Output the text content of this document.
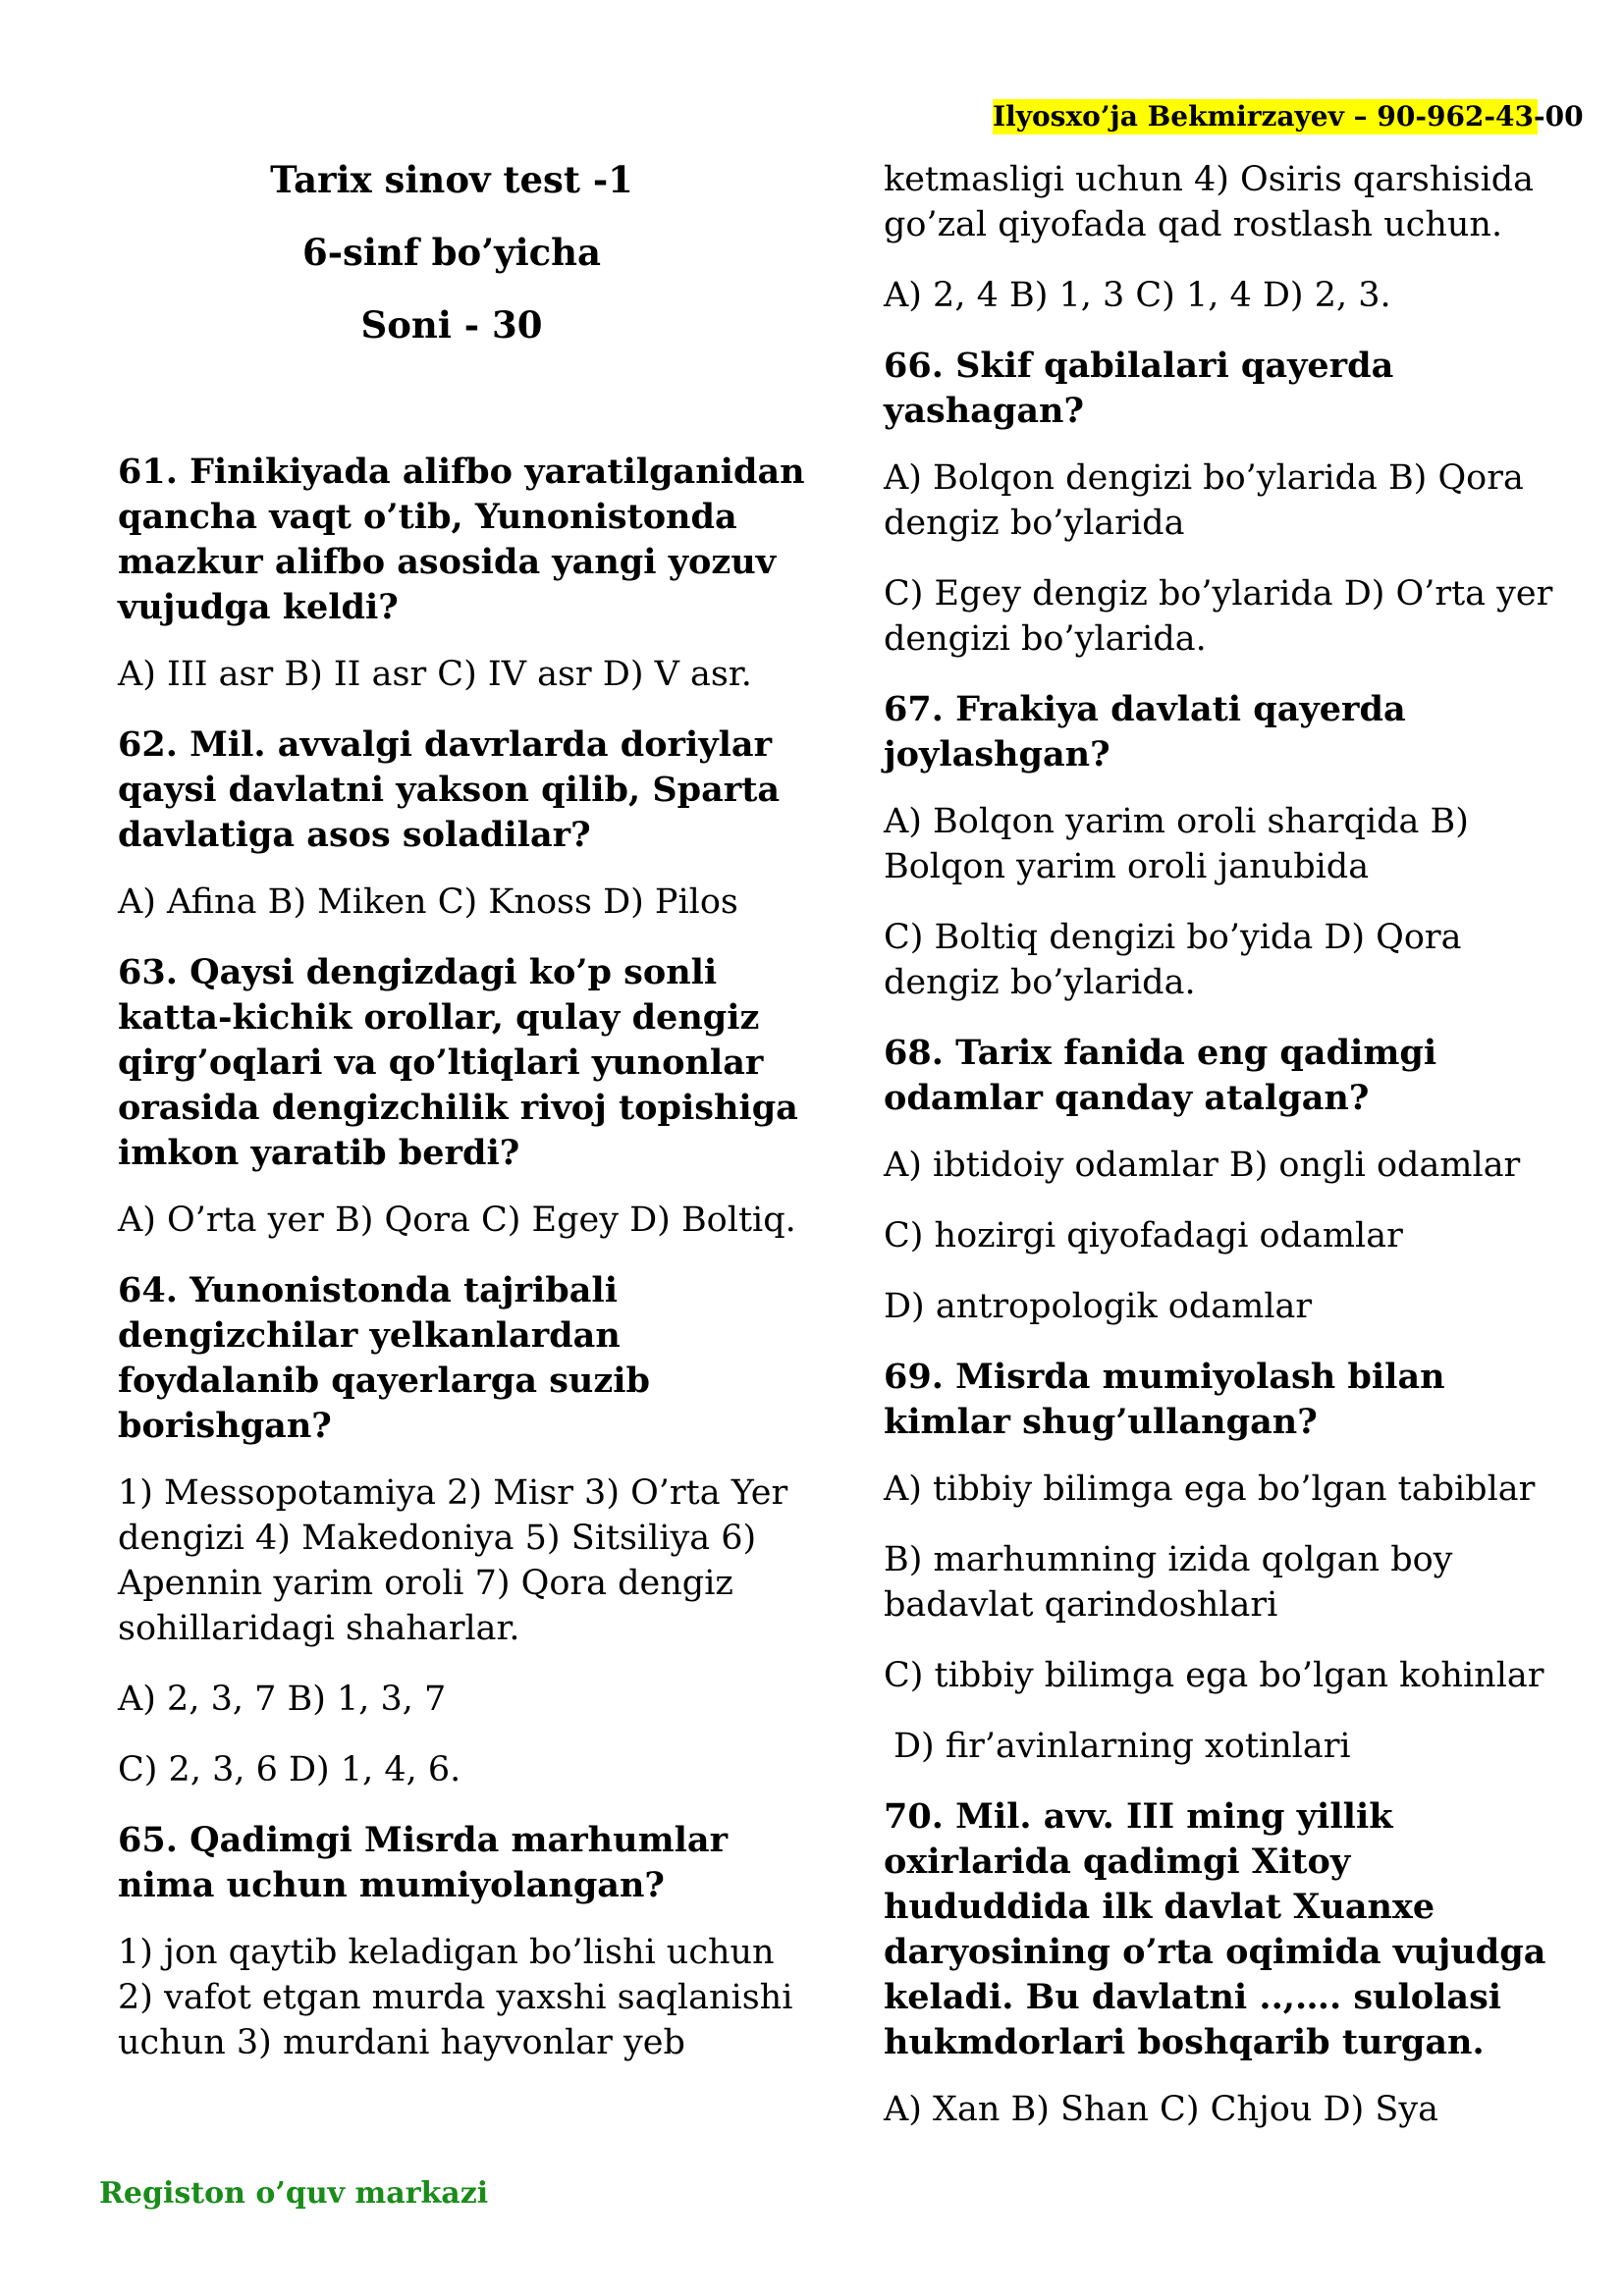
Ilyosxo’ja Bekmirzayev – 90-962-43-00
Tarix sinov test -1
6-sinf bo’yicha
Soni - 30
61. Finikiyada alifbo yaratilganidan qancha vaqt o’tib, Yunonistonda mazkur alifbo asosida yangi yozuv vujudga keldi?
A) III asr B) II asr C) IV asr D) V asr.
62. Mil. avvalgi davrlarda doriylar qaysi davlatni yakson qilib, Sparta davlatiga asos soladilar?
A) Afina B) Miken C) Knoss D) Pilos
63. Qaysi dengizdagi ko’p sonli katta-kichik orollar, qulay dengiz qirg’oqlari va qo’ltiqlari yunonlar orasida dengizchilik rivoj topishiga imkon yaratib berdi?
A) O’rta yer B) Qora C) Egey D) Boltiq.
64. Yunonistonda tajribali dengizchilar yelkanlardan foydalanib qayerlarga suzib borishgan?
1) Messopotamiya 2) Misr 3) O’rta Yer dengizi 4) Makedoniya 5) Sitsiliya 6) Apennin yarim oroli 7) Qora dengiz sohillaridagi shaharlar.
A) 2, 3, 7 B) 1, 3, 7
C) 2, 3, 6 D) 1, 4, 6.
65. Qadimgi Misrda marhumlar nima uchun mumiyolangan?
1) jon qaytib keladigan bo’lishi uchun 2) vafot etgan murda yaxshi saqlanishi uchun 3) murdani hayvonlar yeb
ketmasligi uchun 4) Osiris qarshisida go’zal qiyofada qad rostlash uchun.
A) 2, 4 B) 1, 3 C) 1, 4 D) 2, 3.
66. Skif qabilalari qayerda yashagan?
A) Bolqon dengizi bo’ylarida B) Qora dengiz bo’ylarida
C) Egey dengiz bo’ylarida D) O’rta yer dengizi bo’ylarida.
67. Frakiya davlati qayerda joylashgan?
A) Bolqon yarim oroli sharqida B) Bolqon yarim oroli janubida
C) Boltiq dengizi bo’yida D) Qora dengiz bo’ylarida.
68. Tarix fanida eng qadimgi odamlar qanday atalgan?
A) ibtidoiy odamlar B) ongli odamlar
C) hozirgi qiyofadagi odamlar
D) antropologik odamlar
69. Misrda mumiyolash bilan kimlar shug’ullangan?
A) tibbiy bilimga ega bo’lgan tabiblar
B) marhumning izida qolgan boy badavlat qarindoshlari
C) tibbiy bilimga ega bo’lgan kohinlar
D) fir’avinlarning xotinlari
70. Mil. avv. III ming yillik oxirlarida qadimgi Xitoy hududdida ilk davlat Xuanxe daryosining o’rta oqimida vujudga keladi. Bu davlatni ..,…. sulolasi hukmdorlari boshqarib turgan.
A) Xan B) Shan C) Chjou D) Sya
Registon o’quv markazi
